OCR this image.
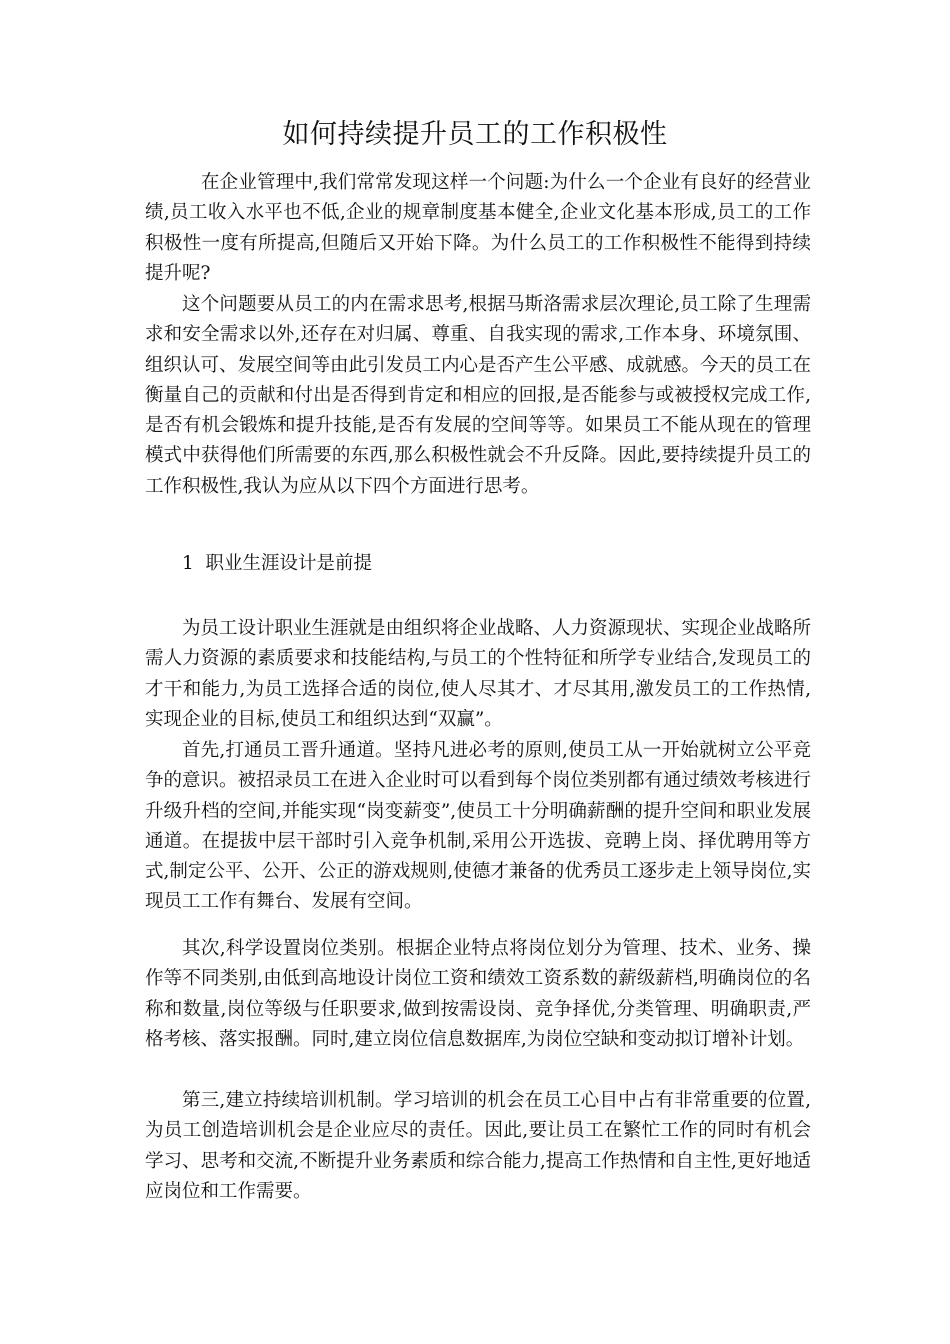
如何持续提升员工的工作积极性

在企业管理中,我们常常发现这样一个问题:为什么一个企业有良好的经营业绩,员工收入水平也不低,企业的规章制度基本健全,企业文化基本形成,员工的工作积极性一度有所提高,但随后又开始下降。为什么员工的工作积极性不能得到持续提升呢?

这个问题要从员工的内在需求思考,根据马斯洛需求层次理论,员工除了生理需求和安全需求以外,还存在对归属、尊重、自我实现的需求,工作本身、环境氛围、组织认可、发展空间等由此引发员工内心是否产生公平感、成就感。今天的员工在衡量自己的贡献和付出是否得到肯定和相应的回报,是否能参与或被授权完成工作,是否有机会锻炼和提升技能,是否有发展的空间等等。如果员工不能从现在的管理模式中获得他们所需要的东西,那么积极性就会不升反降。因此,要持续提升员工的工作积极性,我认为应从以下四个方面进行思考。

1  职业生涯设计是前提

为员工设计职业生涯就是由组织将企业战略、人力资源现状、实现企业战略所需人力资源的素质要求和技能结构,与员工的个性特征和所学专业结合,发现员工的才干和能力,为员工选择合适的岗位,使人尽其才、才尽其用,激发员工的工作热情,实现企业的目标,使员工和组织达到“双赢”。

首先,打通员工晋升通道。坚持凡进必考的原则,使员工从一开始就树立公平竞争的意识。被招录员工在进入企业时可以看到每个岗位类别都有通过绩效考核进行升级升档的空间,并能实现“岗变薪变”,使员工十分明确薪酬的提升空间和职业发展通道。在提拔中层干部时引入竞争机制,采用公开选拔、竞聘上岗、择优聘用等方式,制定公平、公开、公正的游戏规则,使德才兼备的优秀员工逐步走上领导岗位,实现员工工作有舞台、发展有空间。

其次,科学设置岗位类别。根据企业特点将岗位划分为管理、技术、业务、操作等不同类别,由低到高地设计岗位工资和绩效工资系数的薪级薪档,明确岗位的名称和数量,岗位等级与任职要求,做到按需设岗、竞争择优,分类管理、明确职责,严格考核、落实报酬。同时,建立岗位信息数据库,为岗位空缺和变动拟订增补计划。

第三,建立持续培训机制。学习培训的机会在员工心目中占有非常重要的位置,为员工创造培训机会是企业应尽的责任。因此,要让员工在繁忙工作的同时有机会学习、思考和交流,不断提升业务素质和综合能力,提高工作热情和自主性,更好地适应岗位和工作需要。
